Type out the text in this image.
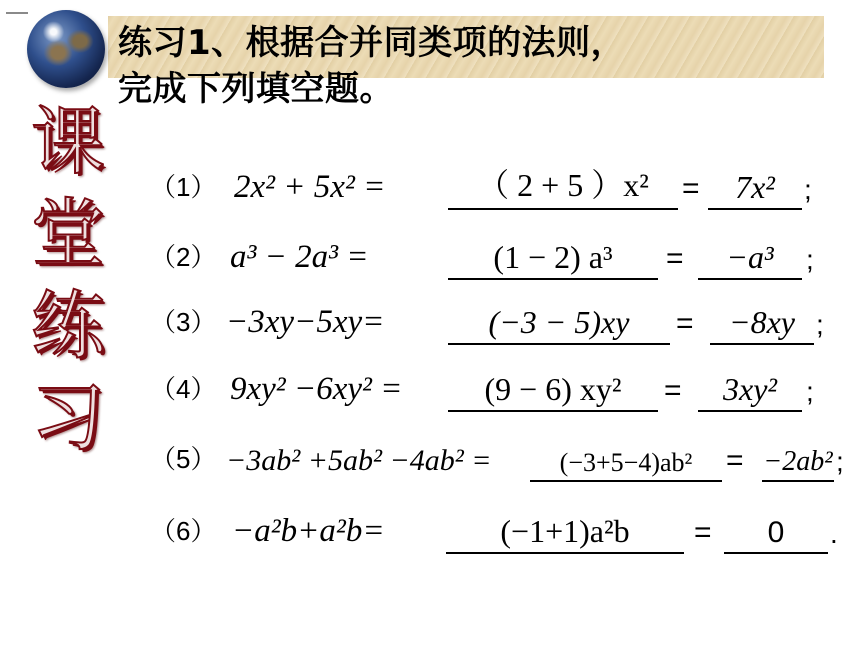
练习1、根据合并同类项的法则，
完成下列填空题。
课
堂
练
习
（1） 2x² + 5x² =	（ 2 + 5 ）x²	=	7x²	;
（2） a³ − 2a³ =	(1 − 2) a³	=	−a³	;
（3） −3xy−5xy=	(−3 − 5)xy	=	−8xy ;
（4） 9xy² −6xy² =	(9 − 6) xy²	=	3xy²	;
（5） −3ab² +5ab² −4ab² =	(−3+5−4)ab²	= −2ab² ;
（6） −a²b+a²b=	(−1+1)a²b	=	0	.
